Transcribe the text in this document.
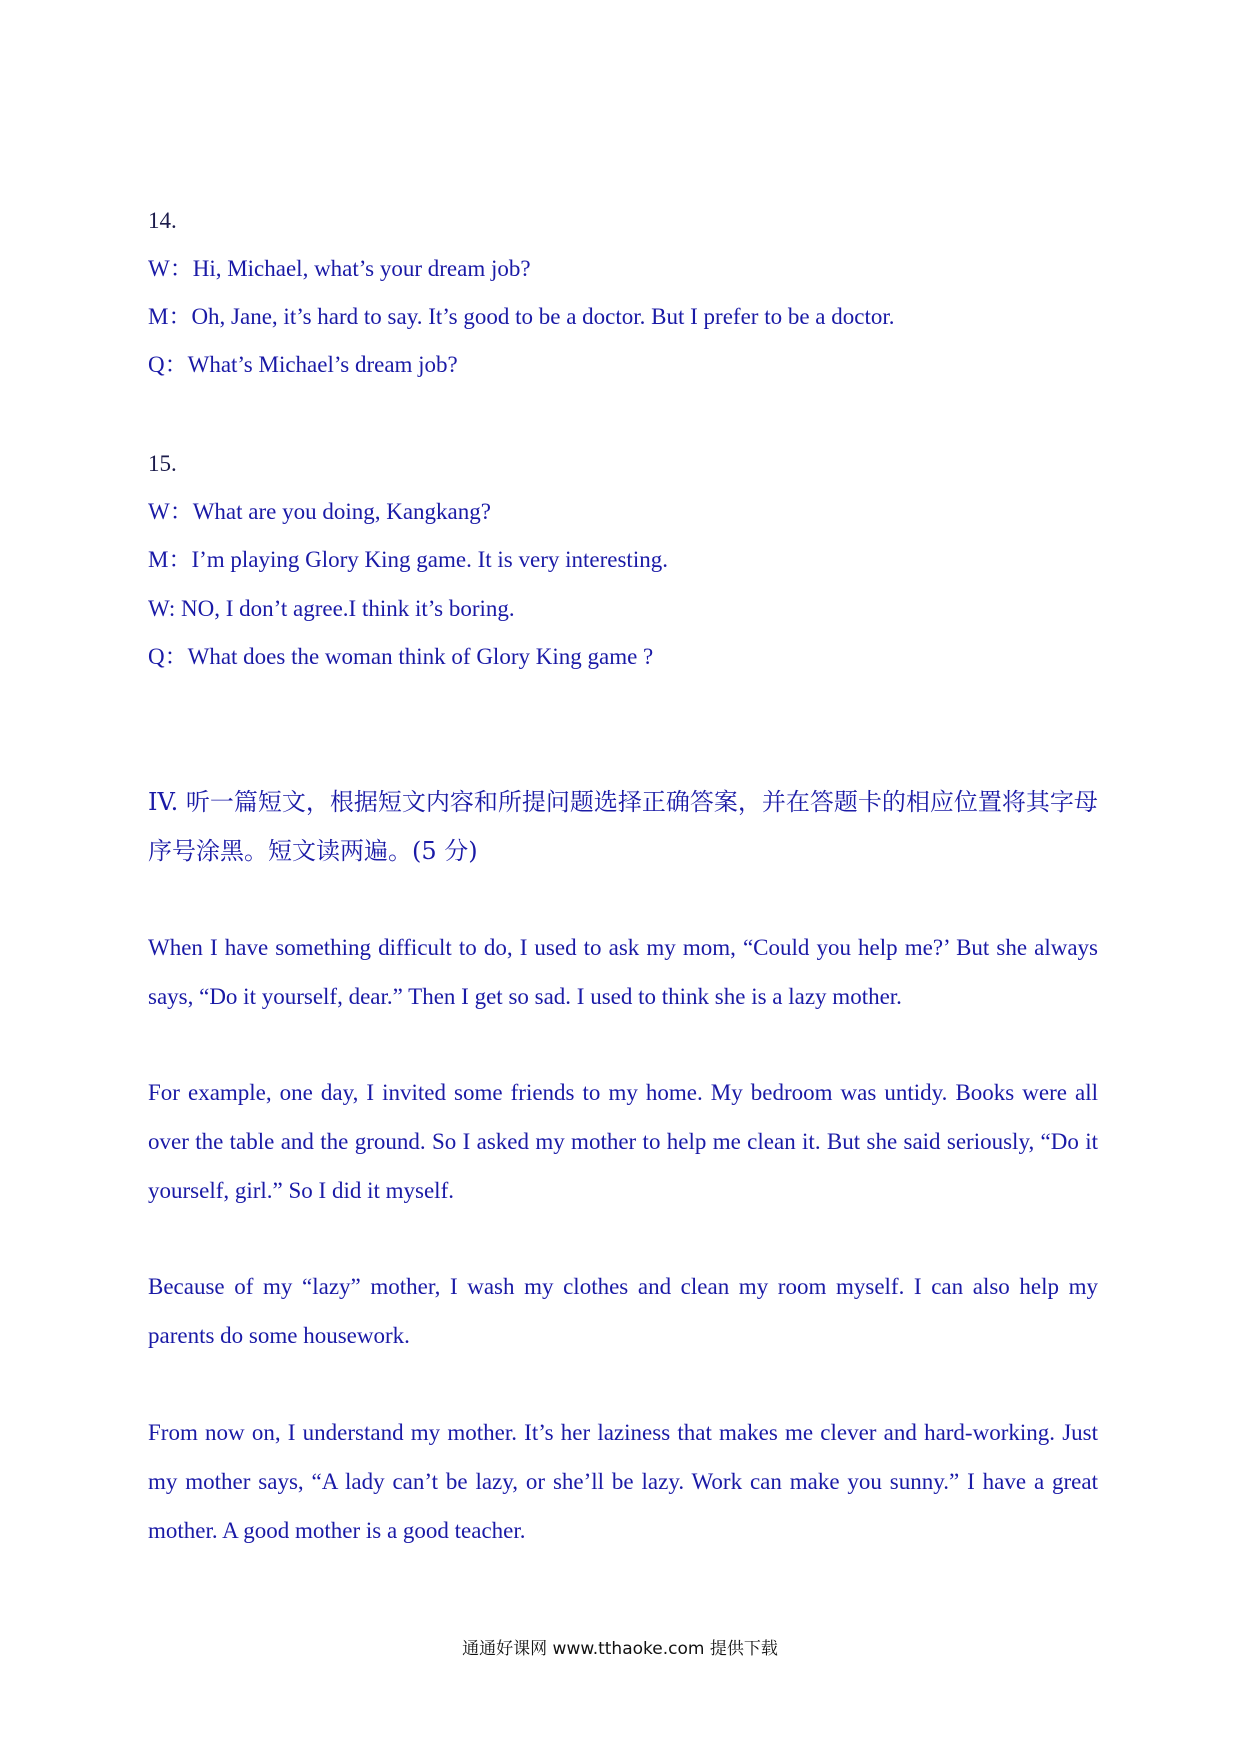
14.
W：Hi, Michael, what’s your dream job?
M：Oh, Jane, it’s hard to say. It’s good to be a doctor. But I prefer to be a doctor.
Q：What’s Michael’s dream job?
15.
W：What are you doing, Kangkang?
M：I’m playing Glory King game. It is very interesting.
W: NO, I don’t agree.I think it’s boring.
Q：What does the woman think of Glory King game ?
IV. 听一篇短文，根据短文内容和所提问题选择正确答案，并在答题卡的相应位置将其字母序号涂黑。短文读两遍。(5 分)
When I have something difficult to do, I used to ask my mom, “Could you help me?’ But she always says, “Do it yourself, dear.” Then I get so sad. I used to think she is a lazy mother.
For example, one day, I invited some friends to my home. My bedroom was untidy. Books were all over the table and the ground. So I asked my mother to help me clean it. But she said seriously, “Do it yourself, girl.” So I did it myself.
Because of my “lazy” mother, I wash my clothes and clean my room myself. I can also help my parents do some housework.
From now on, I understand my mother. It’s her laziness that makes me clever and hard-working. Just my mother says, “A lady can’t be lazy, or she’ll be lazy. Work can make you sunny.” I have a great mother. A good mother is a good teacher.
通通好课网 www.tthaoke.com 提供下载
